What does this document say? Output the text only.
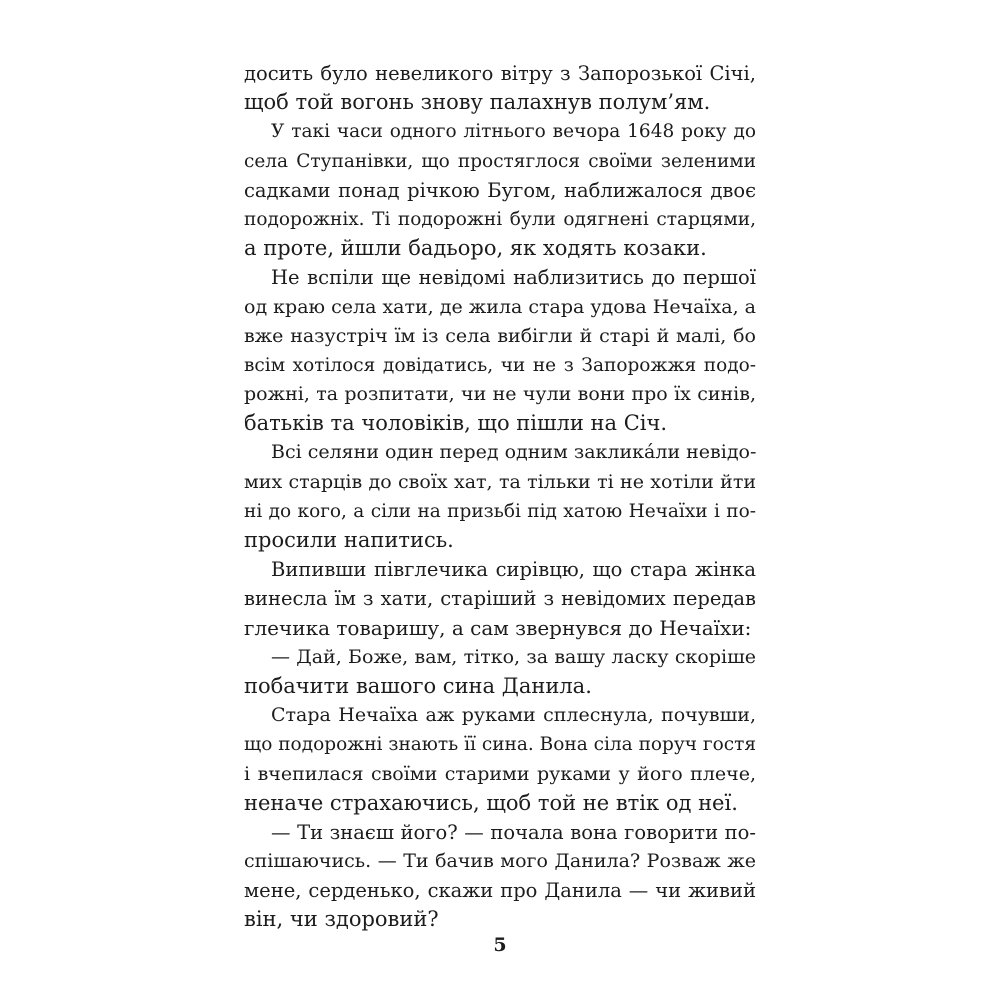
досить було невеликого вітру з Запорозької Січі,
щоб той вогонь знову палахнув полум’ям.
У такі часи одного літнього вечора 1648 року до
села Ступанівки, що простяглося своїми зеленими
садками понад річкою Бугом, наближалося двоє
подорожніх. Ті подорожні були одягнені старцями,
а проте, йшли бадьоро, як ходять козаки.
Не вспіли ще невідомі наблизитись до першої
од краю села хати, де жила стара удова Нечаїха, а
вже назустріч їм із села вибігли й старі й малі, бо
всім хотілося довідатись, чи не з Запорожжя подо-
рожні, та розпитати, чи не чули вони про їх синів,
батьків та чоловіків, що пішли на Січ.
Всі селяни один перед одним закликáли невідо-
мих старців до своїх хат, та тільки ті не хотіли йти
ні до кого, а сіли на призьбі під хатою Нечаїхи і по-
просили напитись.
Випивши півглечика сирівцю, що стара жінка
винесла їм з хати, старіший з невідомих передав
глечика товаришу, а сам звернувся до Нечаїхи:
— Дай, Боже, вам, тітко, за вашу ласку скоріше
побачити вашого сина Данила.
Стара Нечаїха аж руками сплеснула, почувши,
що подорожні знають її сина. Вона сіла поруч гостя
і вчепилася своїми старими руками у його плече,
неначе страхаючись, щоб той не втік од неї.
— Ти знаєш його? — почала вона говорити по-
спішаючись. — Ти бачив мого Данила? Розваж же
мене, серденько, скажи про Данила — чи живий
він, чи здоровий?
5
